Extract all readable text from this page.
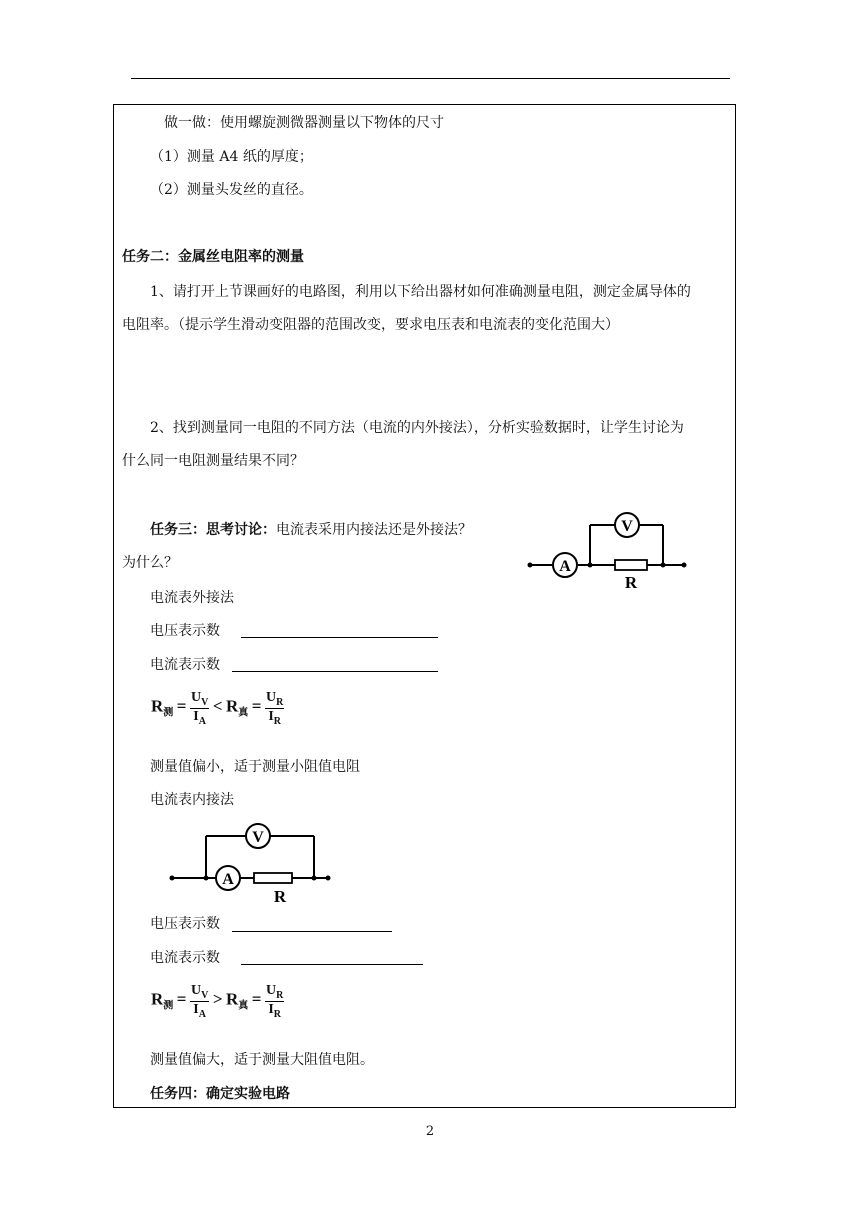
做一做：使用螺旋测微器测量以下物体的尺寸
（1）测量 A4 纸的厚度；
（2）测量头发丝的直径。
任务二：金属丝电阻率的测量
1、请打开上节课画好的电路图，利用以下给出器材如何准确测量电阻，测定金属导体的
电阻率。（提示学生滑动变阻器的范围改变，要求电压表和电流表的变化范围大）
2、找到测量同一电阻的不同方法（电流的内外接法），分析实验数据时，让学生讨论为
什么同一电阻测量结果不同？
任务三：思考讨论：电流表采用内接法还是外接法？
为什么？	A
V
R
电流表外接法
电压表示数
电流表示数
$R_测 = \frac{U_V}{I_A} < R_真 = \frac{U_R}{I_R}$
测量值偏小，适于测量小阻值电阻
电流表内接法
A
V
R
电压表示数
电流表示数
$R_测 = \frac{U_V}{I_A} > R_真 = \frac{U_R}{I_R}$
测量值偏大，适于测量大阻值电阻。
任务四：确定实验电路
2
